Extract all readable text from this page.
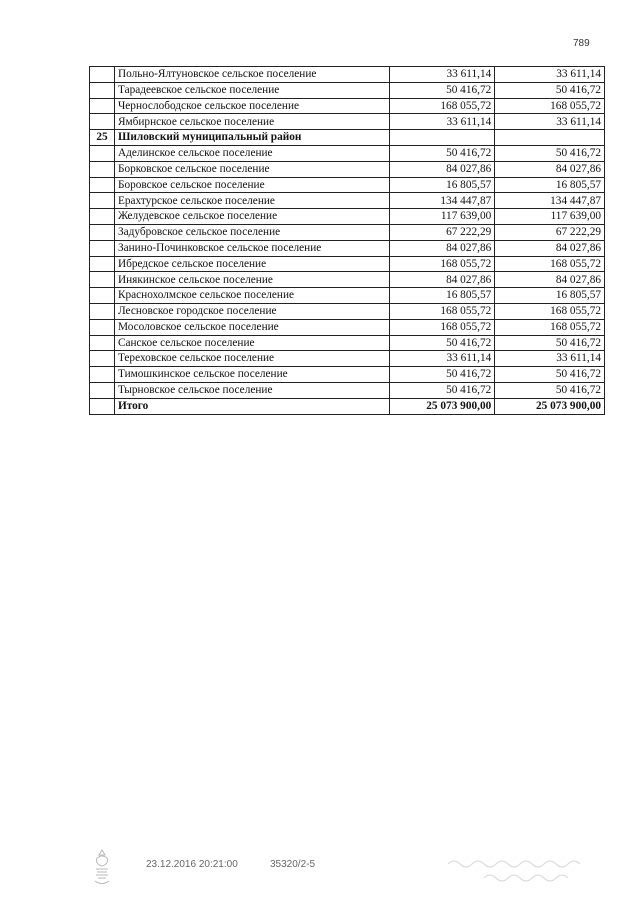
789
	Польно-Ялтуновское сельское поселение	33 611,14	33 611,14
	Тарадеевское сельское поселение	50 416,72	50 416,72
	Чернослободское сельское поселение	168 055,72	168 055,72
	Ямбирнское сельское поселение	33 611,14	33 611,14
25	Шиловский муниципальный район		
	Аделинское сельское поселение	50 416,72	50 416,72
	Борковское сельское поселение	84 027,86	84 027,86
	Боровское сельское поселение	16 805,57	16 805,57
	Ерахтурское сельское поселение	134 447,87	134 447,87
	Желудевское сельское поселение	117 639,00	117 639,00
	Задубровское сельское поселение	67 222,29	67 222,29
	Занино-Починковское сельское поселение	84 027,86	84 027,86
	Ибредское сельское поселение	168 055,72	168 055,72
	Инякинское сельское поселение	84 027,86	84 027,86
	Краснохолмское сельское поселение	16 805,57	16 805,57
	Лесновское городское поселение	168 055,72	168 055,72
	Мосоловское сельское поселение	168 055,72	168 055,72
	Санское сельское поселение	50 416,72	50 416,72
	Тереховское сельское поселение	33 611,14	33 611,14
	Тимошкинское сельское поселение	50 416,72	50 416,72
	Тырновское сельское поселение	50 416,72	50 416,72
	Итого	25 073 900,00	25 073 900,00
23.12.2016 20:21:00	35320/2-5
